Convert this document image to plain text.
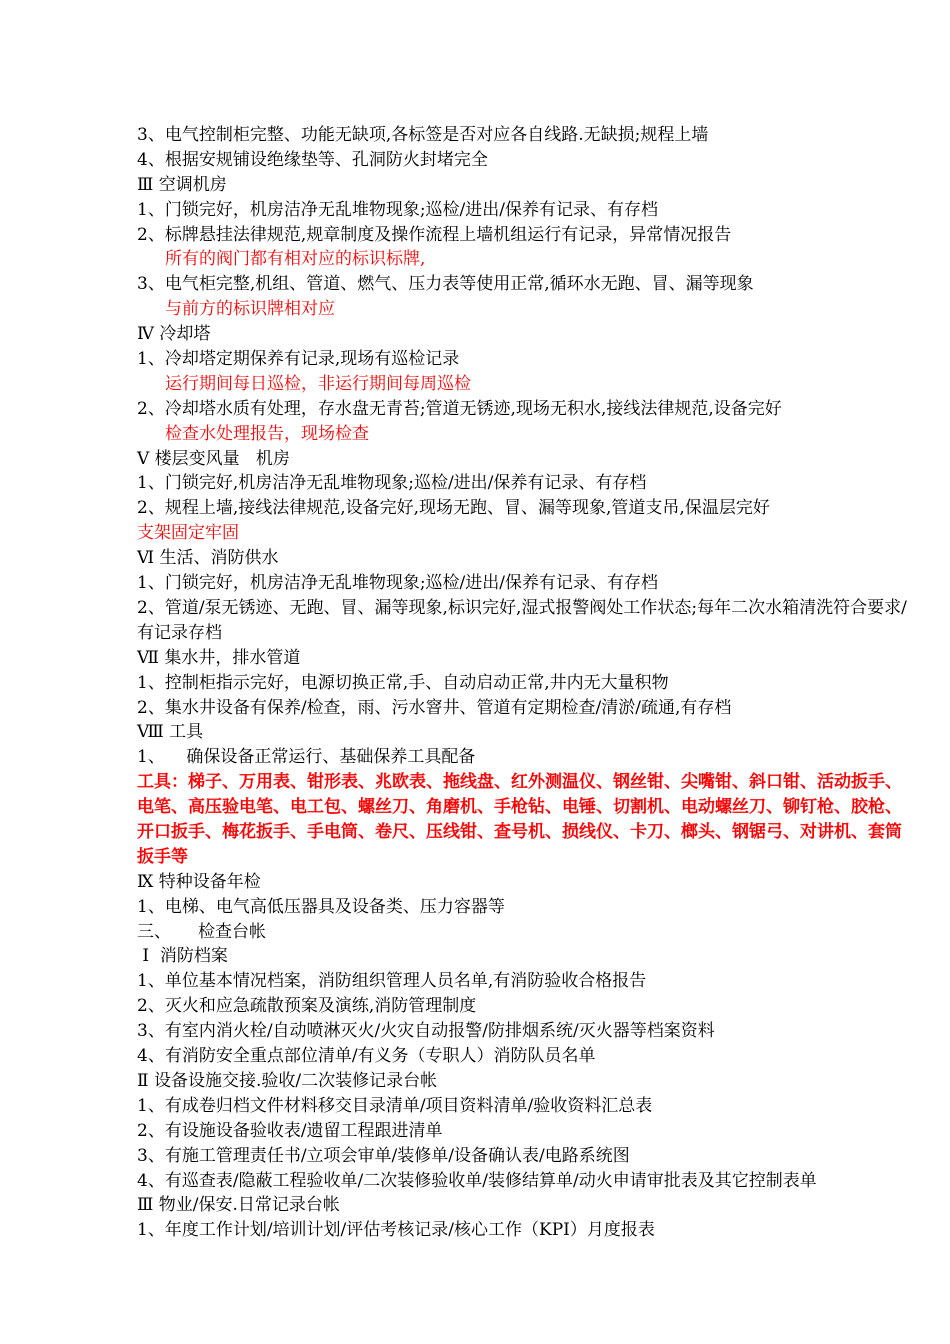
3、电气控制柜完整、功能无缺项,各标签是否对应各自线路.无缺损;规程上墙
4、根据安规铺设绝缘垫等、孔洞防火封堵完全
Ⅲ 空调机房
1、门锁完好，机房洁净无乱堆物现象;巡检/进出/保养有记录、有存档
2、标牌悬挂法律规范,规章制度及操作流程上墙机组运行有记录，异常情况报告
所有的阀门都有相对应的标识标牌,
3、电气柜完整,机组、管道、燃气、压力表等使用正常,循环水无跑、冒、漏等现象
与前方的标识牌相对应
Ⅳ 冷却塔
1、冷却塔定期保养有记录,现场有巡检记录
运行期间每日巡检，非运行期间每周巡检
2、冷却塔水质有处理，存水盘无青苔;管道无锈迹,现场无积水,接线法律规范,设备完好
检查水处理报告，现场检查
Ⅴ 楼层变风量   机房
1、门锁完好,机房洁净无乱堆物现象;巡检/进出/保养有记录、有存档
2、规程上墙,接线法律规范,设备完好,现场无跑、冒、漏等现象,管道支吊,保温层完好
支架固定牢固
Ⅵ 生活、消防供水
1、门锁完好，机房洁净无乱堆物现象;巡检/进出/保养有记录、有存档
2、管道/泵无锈迹、无跑、冒、漏等现象,标识完好,湿式报警阀处工作状态;每年二次水箱清洗符合要求/有记录存档
Ⅶ 集水井，排水管道
1、控制柜指示完好，电源切换正常,手、自动启动正常,井内无大量积物
2、集水井设备有保养/检查，雨、污水窨井、管道有定期检查/清淤/疏通,有存档
Ⅷ 工具
1、    确保设备正常运行、基础保养工具配备
工具：梯子、万用表、钳形表、兆欧表、拖线盘、红外测温仪、钢丝钳、尖嘴钳、斜口钳、活动扳手、电笔、高压验电笔、电工包、螺丝刀、角磨机、手枪钻、电锤、切割机、电动螺丝刀、铆钉枪、胶枪、开口扳手、梅花扳手、手电筒、卷尺、压线钳、查号机、损线仪、卡刀、榔头、钢锯弓、对讲机、套筒扳手等
Ⅸ 特种设备年检
1、电梯、电气高低压器具及设备类、压力容器等
三、     检查台帐
Ⅰ  消防档案
1、单位基本情况档案，消防组织管理人员名单,有消防验收合格报告
2、灭火和应急疏散预案及演练,消防管理制度
3、有室内消火栓/自动喷淋灭火/火灾自动报警/防排烟系统/灭火器等档案资料
4、有消防安全重点部位清单/有义务（专职人）消防队员名单
Ⅱ 设备设施交接.验收/二次装修记录台帐
1、有成卷归档文件材料移交目录清单/项目资料清单/验收资料汇总表
2、有设施设备验收表/遗留工程跟进清单
3、有施工管理责任书/立项会审单/装修单/设备确认表/电路系统图
4、有巡查表/隐蔽工程验收单/二次装修验收单/装修结算单/动火申请审批表及其它控制表单
Ⅲ 物业/保安.日常记录台帐
1、年度工作计划/培训计划/评估考核记录/核心工作（KPI）月度报表
